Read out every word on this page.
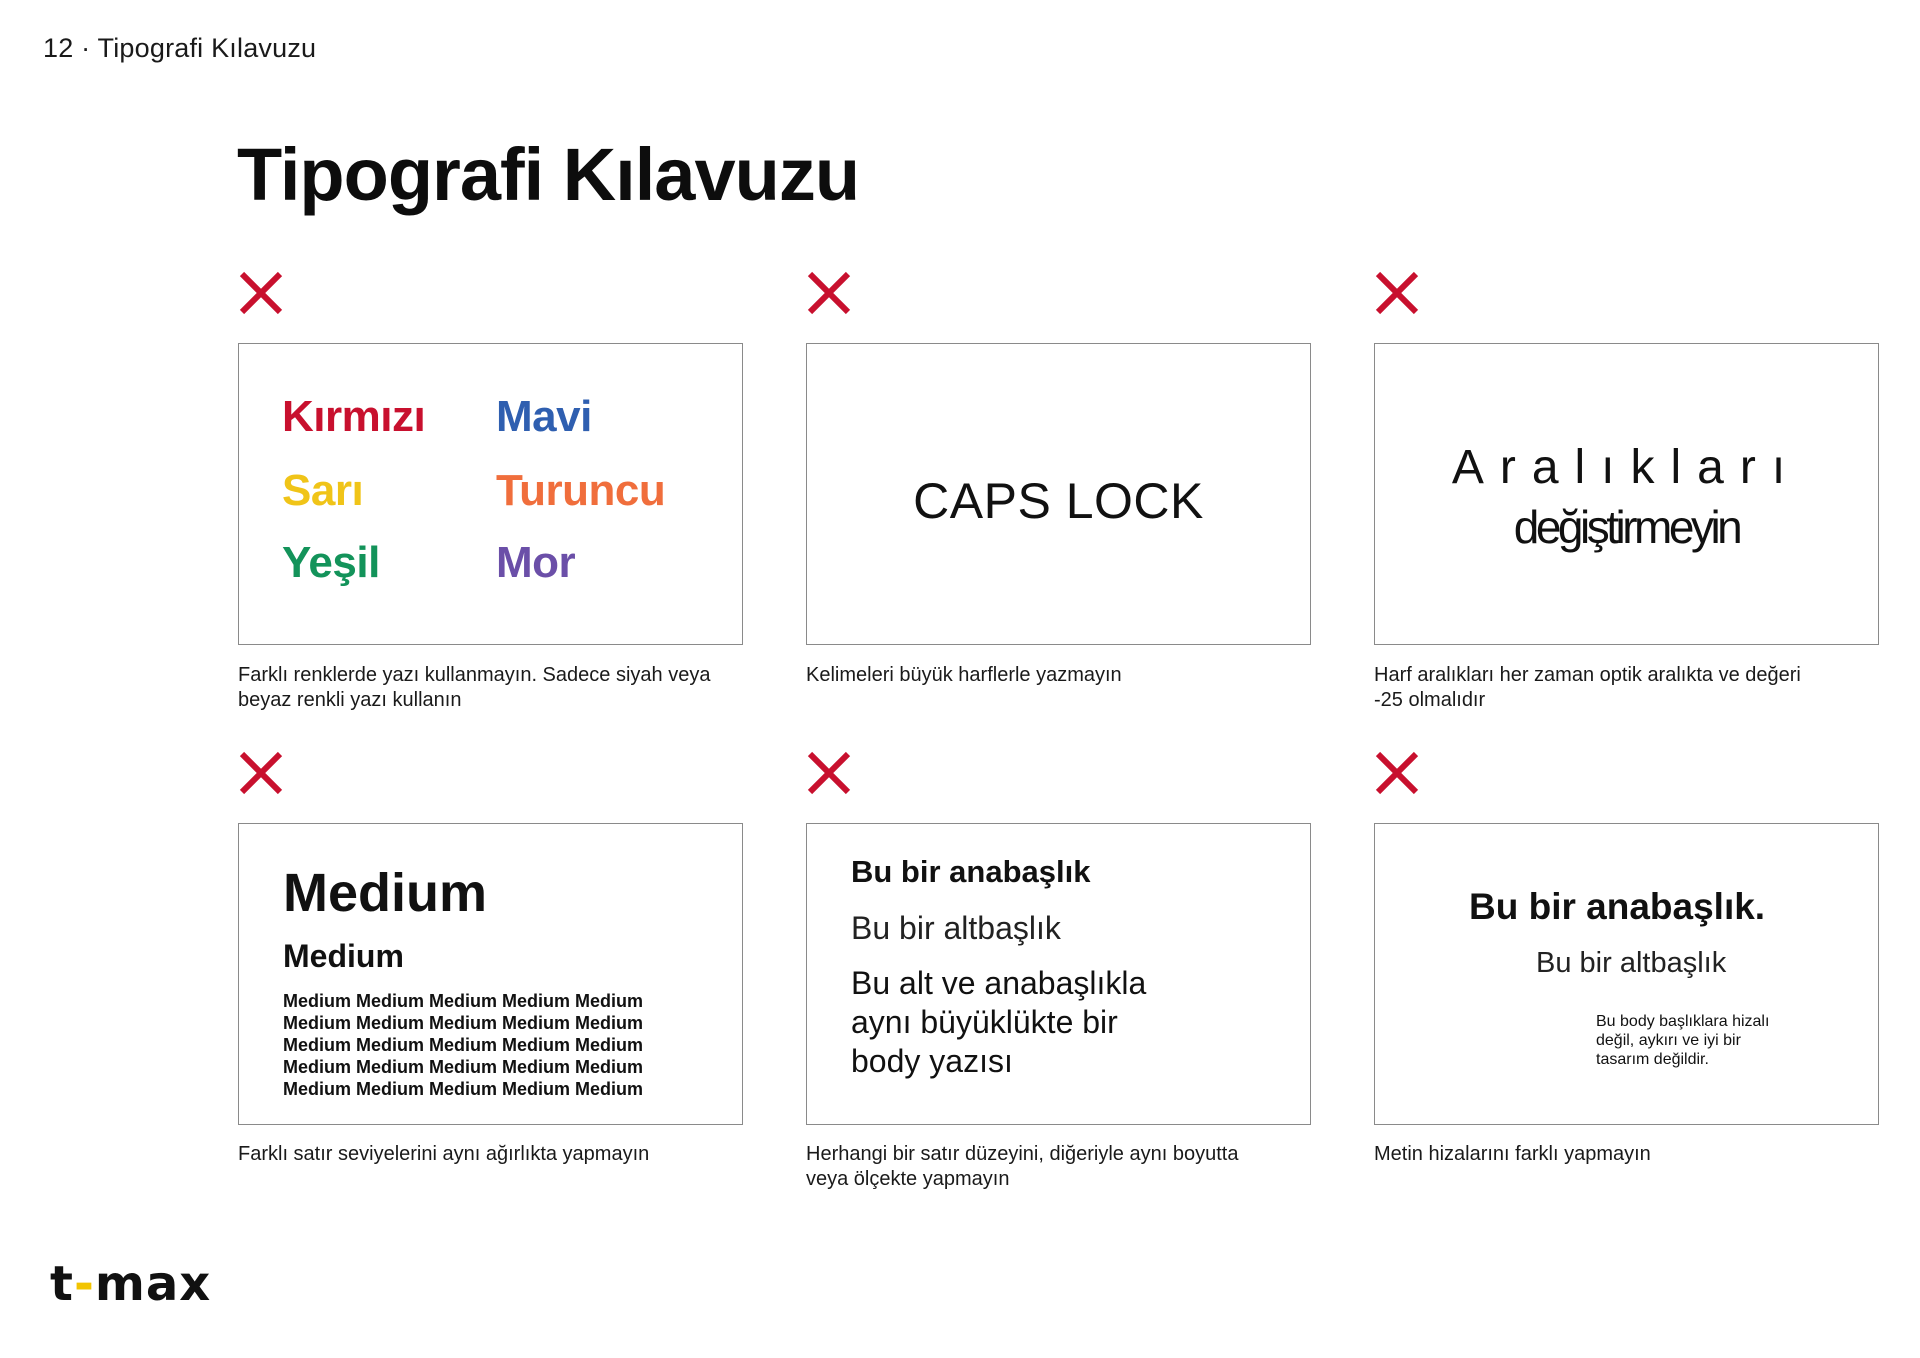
12 · Tipografi Kılavuzu
Tipografi Kılavuzu
Kırmızı Mavi
Sarı	Turuncu
Yeşil	Mor
Farklı renklerde yazı kullanmayın. Sadece siyah veya
beyaz renkli yazı kullanın
CAPS LOCK
Kelimeleri büyük harflerle yazmayın
Aralıkları
değiştirmeyin
Harf aralıkları her zaman optik aralıkta ve değeri
-25 olmalıdır
Medium
Medium
Medium Medium Medium Medium Medium
Medium Medium Medium Medium Medium
Medium Medium Medium Medium Medium
Medium Medium Medium Medium Medium
Medium Medium Medium Medium Medium
Farklı satır seviyelerini aynı ağırlıkta yapmayın
Bu bir anabaşlık
Bu bir altbaşlık
Bu alt ve anabaşlıkla
aynı büyüklükte bir
body yazısı
Herhangi bir satır düzeyini, diğeriyle aynı boyutta
veya ölçekte yapmayın
Bu bir anabaşlık.
Bu bir altbaşlık
Bu body başlıklara hizalı
değil, aykırı ve iyi bir
tasarım değildir.
Metin hizalarını farklı yapmayın
t-max
